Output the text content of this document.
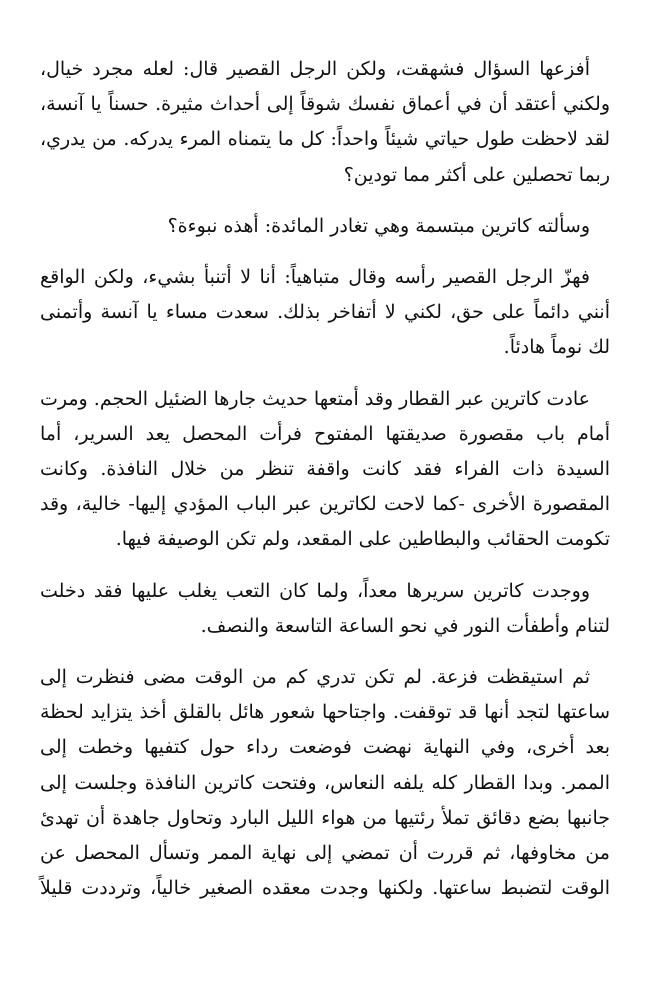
أفزعها السؤال فشهقت، ولكن الرجل القصير قال: لعله مجرد خيال، ولكني أعتقد أن في أعماق نفسك شوقاً إلى أحداث مثيرة. حسناً يا آنسة، لقد لاحظت طول حياتي شيئاً واحداً: كل ما يتمناه المرء يدركه. من يدري، ربما تحصلين على أكثر مما تودين؟

وسألته كاترين مبتسمة وهي تغادر المائدة: أهذه نبوءة؟

فهزّ الرجل القصير رأسه وقال متباهياً: أنا لا أتنبأ بشيء، ولكن الواقع أنني دائماً على حق، لكني لا أتفاخر بذلك. سعدت مساء يا آنسة وأتمنى لك نوماً هادئاً.

عادت كاترين عبر القطار وقد أمتعها حديث جارها الضئيل الحجم. ومرت أمام باب مقصورة صديقتها المفتوح فرأت المحصل يعد السرير، أما السيدة ذات الفراء فقد كانت واقفة تنظر من خلال النافذة. وكانت المقصورة الأخرى -كما لاحت لكاترين عبر الباب المؤدي إليها- خالية، وقد تكومت الحقائب والبطاطين على المقعد، ولم تكن الوصيفة فيها.

ووجدت كاترين سريرها معداً، ولما كان التعب يغلب عليها فقد دخلت لتنام وأطفأت النور في نحو الساعة التاسعة والنصف.

ثم استيقظت فزعة. لم تكن تدري كم من الوقت مضى فنظرت إلى ساعتها لتجد أنها قد توقفت. واجتاحها شعور هائل بالقلق أخذ يتزايد لحظة بعد أخرى، وفي النهاية نهضت فوضعت رداء حول كتفيها وخطت إلى الممر. وبدا القطار كله يلفه النعاس، وفتحت كاترين النافذة وجلست إلى جانبها بضع دقائق تملأ رئتيها من هواء الليل البارد وتحاول جاهدة أن تهدئ من مخاوفها، ثم قررت أن تمضي إلى نهاية الممر وتسأل المحصل عن الوقت لتضبط ساعتها. ولكنها وجدت معقده الصغير خالياً، وترددت قليلاً
